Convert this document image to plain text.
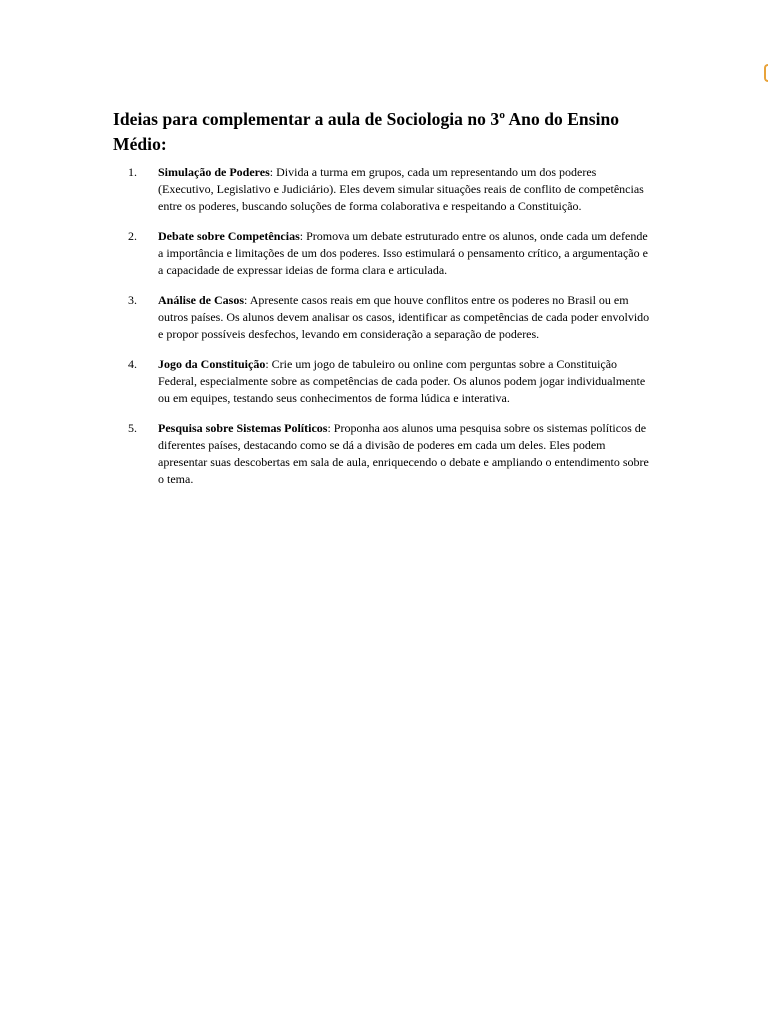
Ideias para complementar a aula de Sociologia no 3º Ano do Ensino Médio:
1. Simulação de Poderes: Divida a turma em grupos, cada um representando um dos poderes (Executivo, Legislativo e Judiciário). Eles devem simular situações reais de conflito de competências entre os poderes, buscando soluções de forma colaborativa e respeitando a Constituição.
2. Debate sobre Competências: Promova um debate estruturado entre os alunos, onde cada um defende a importância e limitações de um dos poderes. Isso estimulará o pensamento crítico, a argumentação e a capacidade de expressar ideias de forma clara e articulada.
3. Análise de Casos: Apresente casos reais em que houve conflitos entre os poderes no Brasil ou em outros países. Os alunos devem analisar os casos, identificar as competências de cada poder envolvido e propor possíveis desfechos, levando em consideração a separação de poderes.
4. Jogo da Constituição: Crie um jogo de tabuleiro ou online com perguntas sobre a Constituição Federal, especialmente sobre as competências de cada poder. Os alunos podem jogar individualmente ou em equipes, testando seus conhecimentos de forma lúdica e interativa.
5. Pesquisa sobre Sistemas Políticos: Proponha aos alunos uma pesquisa sobre os sistemas políticos de diferentes países, destacando como se dá a divisão de poderes em cada um deles. Eles podem apresentar suas descobertas em sala de aula, enriquecendo o debate e ampliando o entendimento sobre o tema.
